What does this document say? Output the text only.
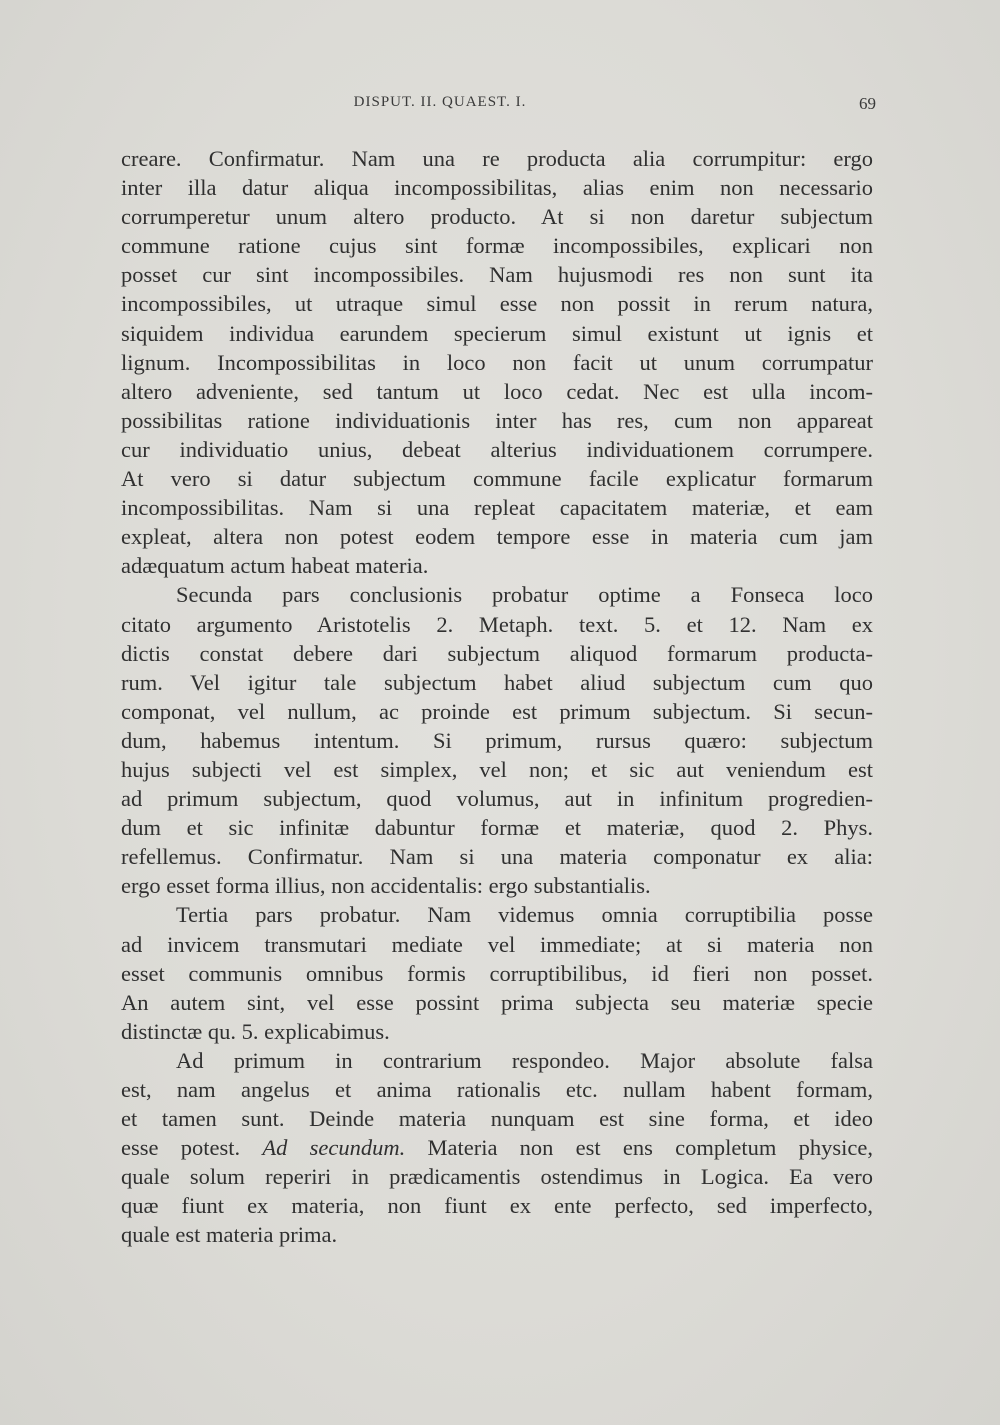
DISPUT. II. QUAEST. I.	69
creare. Confirmatur. Nam una re producta alia corrumpitur: ergo
inter illa datur aliqua incompossibilitas, alias enim non necessario
corrumperetur unum altero producto. At si non daretur subjectum
commune ratione cujus sint formæ incompossibiles, explicari non
posset cur sint incompossibiles. Nam hujusmodi res non sunt ita
incompossibiles, ut utraque simul esse non possit in rerum natura,
siquidem individua earundem specierum simul existunt ut ignis et
lignum. Incompossibilitas in loco non facit ut unum corrumpatur
altero adveniente, sed tantum ut loco cedat. Nec est ulla incom-
possibilitas ratione individuationis inter has res, cum non appareat
cur individuatio unius, debeat alterius individuationem corrumpere.
At vero si datur subjectum commune facile explicatur formarum
incompossibilitas. Nam si una repleat capacitatem materiæ, et eam
expleat, altera non potest eodem tempore esse in materia cum jam
adæquatum actum habeat materia.
Secunda pars conclusionis probatur optime a Fonseca loco
citato argumento Aristotelis 2. Metaph. text. 5. et 12. Nam ex
dictis constat debere dari subjectum aliquod formarum producta-
rum. Vel igitur tale subjectum habet aliud subjectum cum quo
componat, vel nullum, ac proinde est primum subjectum. Si secun-
dum, habemus intentum. Si primum, rursus quæro: subjectum
hujus subjecti vel est simplex, vel non; et sic aut veniendum est
ad primum subjectum, quod volumus, aut in infinitum progredien-
dum et sic infinitæ dabuntur formæ et materiæ, quod 2. Phys.
refellemus. Confirmatur. Nam si una materia componatur ex alia:
ergo esset forma illius, non accidentalis: ergo substantialis.
Tertia pars probatur. Nam videmus omnia corruptibilia posse
ad invicem transmutari mediate vel immediate; at si materia non
esset communis omnibus formis corruptibilibus, id fieri non posset.
An autem sint, vel esse possint prima subjecta seu materiæ specie
distinctæ qu. 5. explicabimus.
Ad primum in contrarium respondeo. Major absolute falsa
est, nam angelus et anima rationalis etc. nullam habent formam,
et tamen sunt. Deinde materia nunquam est sine forma, et ideo
esse potest. Ad secundum. Materia non est ens completum physice,
quale solum reperiri in prædicamentis ostendimus in Logica. Ea vero
quæ fiunt ex materia, non fiunt ex ente perfecto, sed imperfecto,
quale est materia prima.
